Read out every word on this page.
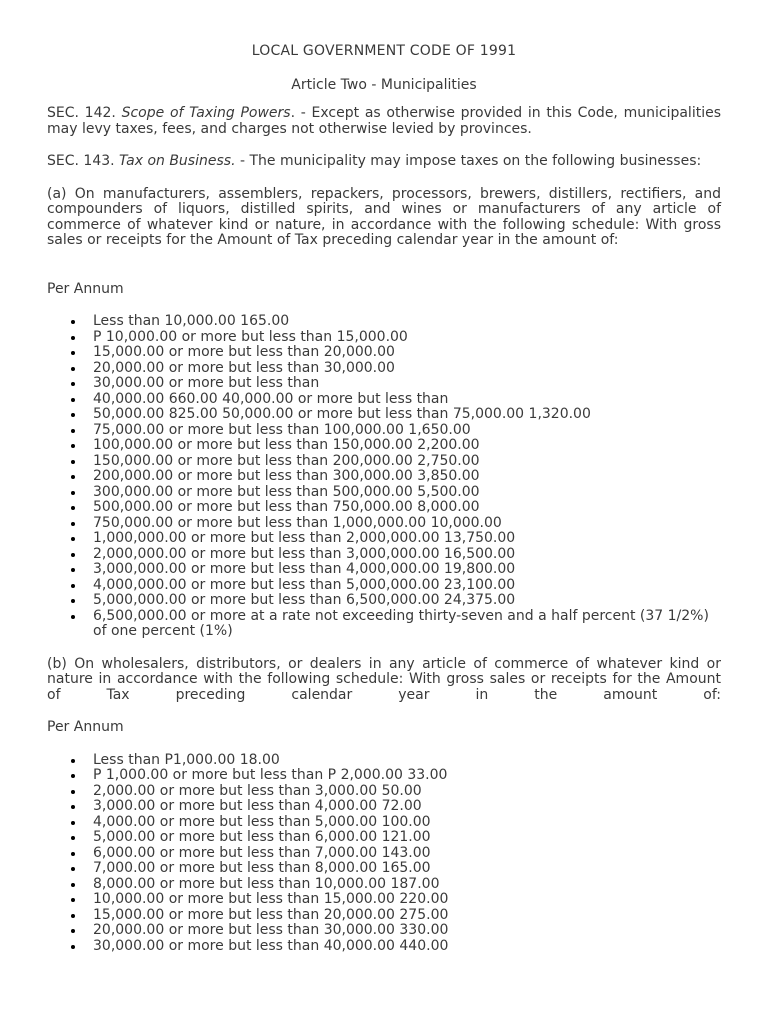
LOCAL GOVERNMENT CODE OF 1991
Article Two - Municipalities

SEC. 142. Scope of Taxing Powers. - Except as otherwise provided in this Code, municipalities may levy taxes, fees, and charges not otherwise levied by provinces.

SEC. 143. Tax on Business. - The municipality may impose taxes on the following businesses:

(a) On manufacturers, assemblers, repackers, processors, brewers, distillers, rectifiers, and compounders of liquors, distilled spirits, and wines or manufacturers of any article of commerce of whatever kind or nature, in accordance with the following schedule: With gross sales or receipts for the Amount of Tax preceding calendar year in the amount of:

Per Annum

Less than 10,000.00 165.00
P 10,000.00 or more but less than 15,000.00
15,000.00 or more but less than 20,000.00
20,000.00 or more but less than 30,000.00
30,000.00 or more but less than
40,000.00 660.00 40,000.00 or more but less than
50,000.00 825.00 50,000.00 or more but less than 75,000.00 1,320.00
75,000.00 or more but less than 100,000.00 1,650.00
100,000.00 or more but less than 150,000.00 2,200.00
150,000.00 or more but less than 200,000.00 2,750.00
200,000.00 or more but less than 300,000.00 3,850.00
300,000.00 or more but less than 500,000.00 5,500.00
500,000.00 or more but less than 750,000.00 8,000.00
750,000.00 or more but less than 1,000,000.00 10,000.00
1,000,000.00 or more but less than 2,000,000.00 13,750.00
2,000,000.00 or more but less than 3,000,000.00 16,500.00
3,000,000.00 or more but less than 4,000,000.00 19,800.00
4,000,000.00 or more but less than 5,000,000.00 23,100.00
5,000,000.00 or more but less than 6,500,000.00 24,375.00
6,500,000.00 or more at a rate not exceeding thirty-seven and a half percent (37 1/2%) of one percent (1%)

(b) On wholesalers, distributors, or dealers in any article of commerce of whatever kind or nature in accordance with the following schedule: With gross sales or receipts for the Amount of Tax preceding calendar year in the amount of:

Per Annum

Less than P1,000.00 18.00
P 1,000.00 or more but less than P 2,000.00 33.00
2,000.00 or more but less than 3,000.00 50.00
3,000.00 or more but less than 4,000.00 72.00
4,000.00 or more but less than 5,000.00 100.00
5,000.00 or more but less than 6,000.00 121.00
6,000.00 or more but less than 7,000.00 143.00
7,000.00 or more but less than 8,000.00 165.00
8,000.00 or more but less than 10,000.00 187.00
10,000.00 or more but less than 15,000.00 220.00
15,000.00 or more but less than 20,000.00 275.00
20,000.00 or more but less than 30,000.00 330.00
30,000.00 or more but less than 40,000.00 440.00
